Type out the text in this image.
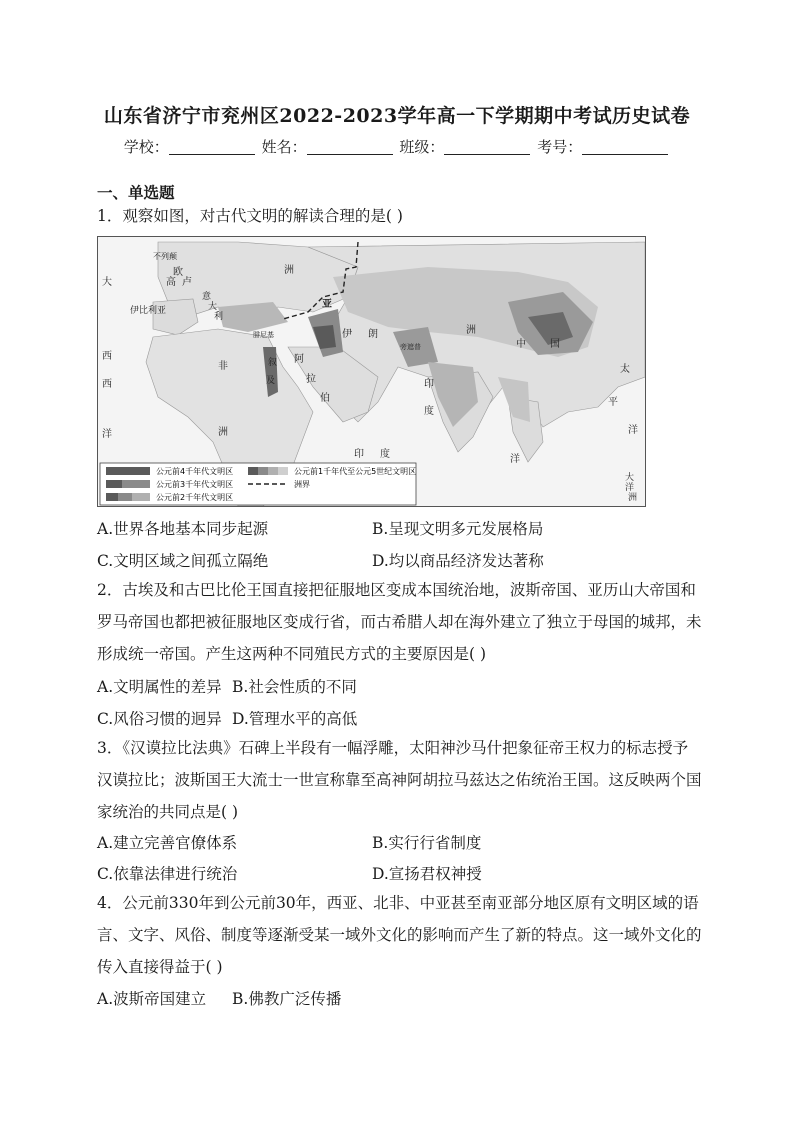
山东省济宁市兖州区2022-2023学年高一下学期期中考试历史试卷
学校：	姓名：	班级：	考号：
一、单选题
1．观察如图，对古代文明的解读合理的是( )
不列颠
欧
高 卢
洲
大
意
大
利
伊比利亚
西
洋
西
非
洲
腓尼基
亚
伊 朗
阿
拉
伯
叙
及
洲
中 国
旁遮普
印
度
印 度	洋
太
平
洋
大
洋
洲
公元前4千年代文明区
公元前3千年代文明区
公元前2千年代文明区
公元前1千年代至公元5世纪文明区
洲界
A.世界各地基本同步起源	B.呈现文明多元发展格局
C.文明区域之间孤立隔绝	D.均以商品经济发达著称
2．古埃及和古巴比伦王国直接把征服地区变成本国统治地，波斯帝国、亚历山大帝国和罗马帝国也都把被征服地区变成行省，而古希腊人却在海外建立了独立于母国的城邦，未形成统一帝国。产生这两种不同殖民方式的主要原因是( )
A.文明属性的差异 B.社会性质的不同
C.风俗习惯的迥异 D.管理水平的高低
3．《汉谟拉比法典》石碑上半段有一幅浮雕，太阳神沙马什把象征帝王权力的标志授予汉谟拉比；波斯国王大流士一世宣称靠至高神阿胡拉马兹达之佑统治王国。这反映两个国家统治的共同点是( )
A.建立完善官僚体系	B.实行行省制度
C.依靠法律进行统治	D.宣扬君权神授
4．公元前330年到公元前30年，西亚、北非、中亚甚至南亚部分地区原有文明区域的语言、文字、风俗、制度等逐渐受某一域外文化的影响而产生了新的特点。这一域外文化的传入直接得益于( )
A.波斯帝国建立 B.佛教广泛传播
